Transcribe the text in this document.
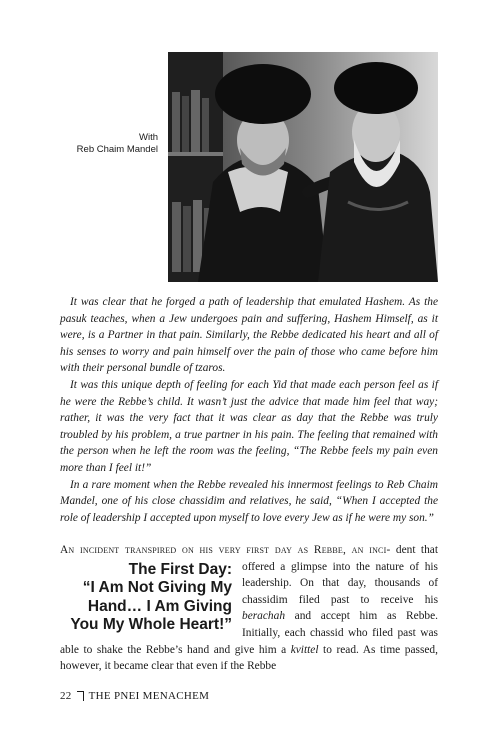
With
Reb Chaim Mandel

It was clear that he forged a path of leadership that emulated Hashem. As the pasuk teaches, when a Jew undergoes pain and suffering, Hashem Himself, as it were, is a Partner in that pain. Similarly, the Rebbe dedicated his heart and all of his senses to worry and pain himself over the pain of those who came before him with their personal bundle of tzaros.

It was this unique depth of feeling for each Yid that made each person feel as if he were the Rebbe’s child. It wasn’t just the advice that made him feel that way; rather, it was the very fact that it was clear as day that the Rebbe was truly troubled by his problem, a true partner in his pain. The feeling that remained with the person when he left the room was the feeling, “The Rebbe feels my pain even more than I feel it!”

In a rare moment when the Rebbe revealed his innermost feelings to Reb Chaim Mandel, one of his close chassidim and relatives, he said, “When I accepted the role of leadership I accepted upon myself to love every Jew as if he were my son.”

An incident transpired on his very first day as Rebbe, an inci-
The First Day:
“I Am Not Giving My
Hand… I Am Giving
You My Whole Heart!”
dent that offered a glimpse into the nature of his leadership. On that day, thousands of chassidim filed past to receive his berachah and accept him as Rebbe. Initially, each chassid who filed past was able to shake the Rebbe’s hand and give him a kvittel to read. As time passed, however, it became clear that even if the Rebbe

22 THE PNEI MENACHEM
